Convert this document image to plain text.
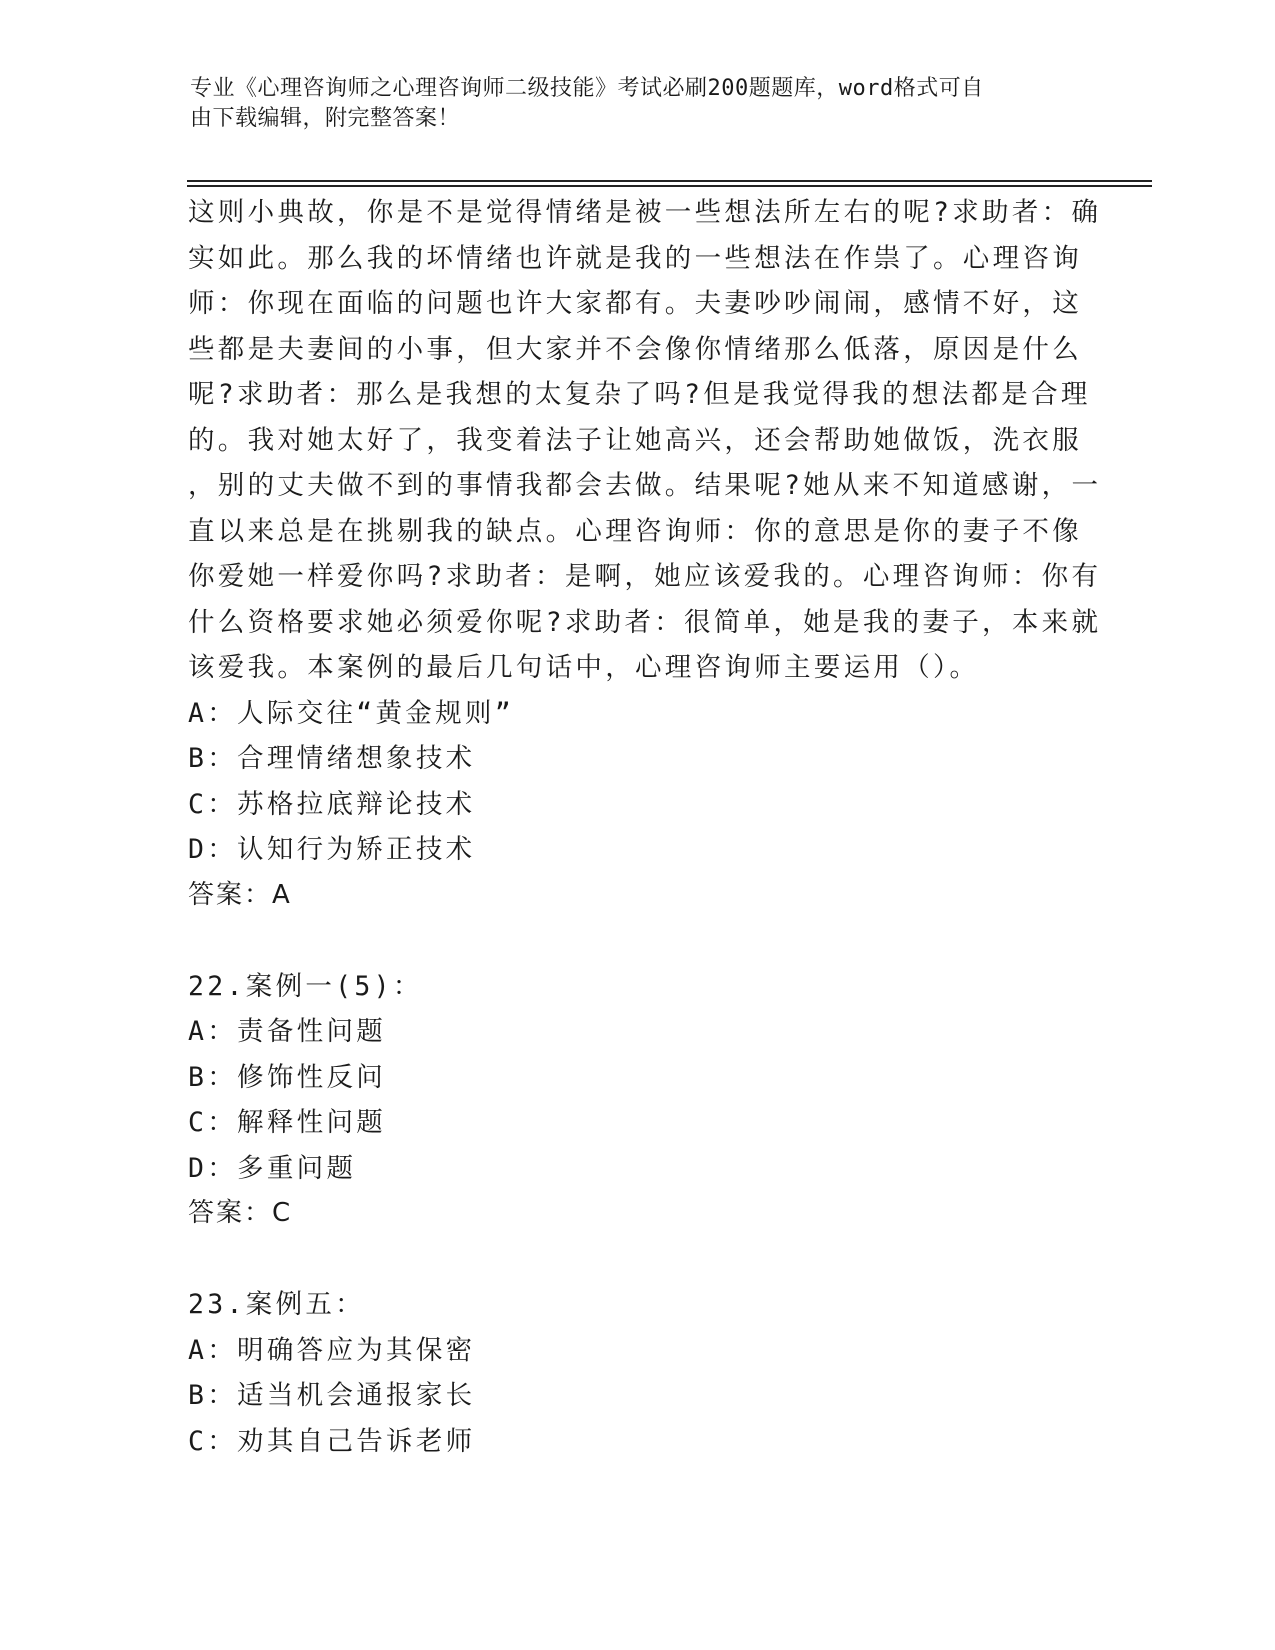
专业《心理咨询师之心理咨询师二级技能》考试必刷200题题库，word格式可自
由下载编辑，附完整答案！
这则小典故，你是不是觉得情绪是被一些想法所左右的呢?求助者：确
实如此。那么我的坏情绪也许就是我的一些想法在作祟了。心理咨询
师：你现在面临的问题也许大家都有。夫妻吵吵闹闹，感情不好，这
些都是夫妻间的小事，但大家并不会像你情绪那么低落，原因是什么
呢?求助者：那么是我想的太复杂了吗?但是我觉得我的想法都是合理
的。我对她太好了，我变着法子让她高兴，还会帮助她做饭，洗衣服
，别的丈夫做不到的事情我都会去做。结果呢?她从来不知道感谢，一
直以来总是在挑剔我的缺点。心理咨询师：你的意思是你的妻子不像
你爱她一样爱你吗?求助者：是啊，她应该爱我的。心理咨询师：你有
什么资格要求她必须爱你呢?求助者：很简单，她是我的妻子，本来就
该爱我。本案例的最后几句话中，心理咨询师主要运用（）。
A：人际交往“黄金规则”
B：合理情绪想象技术
C：苏格拉底辩论技术
D：认知行为矫正技术
答案：A
22.案例一(5)：
A：责备性问题
B：修饰性反问
C：解释性问题
D：多重问题
答案：C
23.案例五：
A：明确答应为其保密
B：适当机会通报家长
C：劝其自己告诉老师
